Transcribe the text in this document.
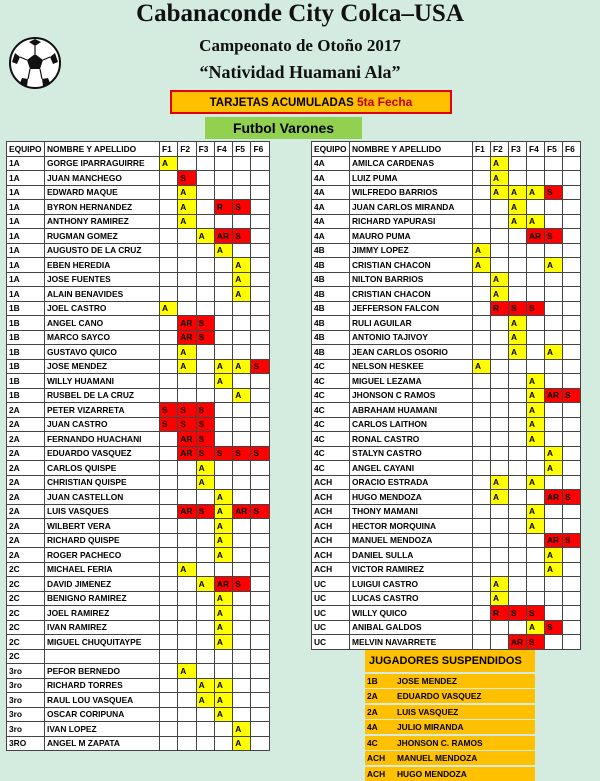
Cabanaconde City Colca–USA
Campeonato de Otoño 2017
“Natividad Huamani Ala”
TARJETAS ACUMULADAS 5ta Fecha
Futbol Varones
EQUIPO	NOMBRE Y APELLIDO	F1	F2	F3	F4	F5	F6
1A	GORGE IPARRAGUIRRE	A					
1A	JUAN MANCHEGO		S				
1A	EDWARD MAQUE		A				
1A	BYRON HERNANDEZ		A		R	S	
1A	ANTHONY RAMIREZ		A				
1A	RUGMAN GOMEZ			A	AR	S	
1A	AUGUSTO DE LA CRUZ				A		
1A	EBEN HEREDIA					A	
1A	JOSE FUENTES					A	
1A	ALAIN BENAVIDES					A	
1B	JOEL CASTRO	A					
1B	ANGEL CANO		AR	S			
1B	MARCO SAYCO		AR	S			
1B	GUSTAVO QUICO		A				
1B	JOSE MENDEZ		A		A	A	S
1B	WILLY HUAMANI				A		
1B	RUSBEL DE LA CRUZ					A	
2A	PETER VIZARRETA	S	S	S			
2A	JUAN CASTRO	S	S	S			
2A	FERNANDO HUACHANI		AR	S			
2A	EDUARDO VASQUEZ		AR	S	S	S	S
2A	CARLOS QUISPE			A			
2A	CHRISTIAN QUISPE			A			
2A	JUAN CASTELLON				A		
2A	LUIS VASQUES		AR	S	A	AR	S
2A	WILBERT VERA				A		
2A	RICHARD QUISPE				A		
2A	ROGER PACHECO				A		
2C	MICHAEL FERIA		A				
2C	DAVID JIMENEZ			A	AR	S	
2C	BENIGNO RAMIREZ				A		
2C	JOEL RAMIREZ				A		
2C	IVAN RAMIREZ				A		
2C	MIGUEL CHUQUITAYPE				A		
2C							
3ro	PEFOR BERNEDO		A				
3ro	RICHARD TORRES			A	A		
3ro	RAUL LOU VASQUEA			A	A		
3ro	OSCAR CORIPUNA				A		
3ro	IVAN LOPEZ					A	
3RO	ANGEL M ZAPATA					A	
EQUIPO	NOMBRE Y APELLIDO	F1	F2	F3	F4	F5	F6
4A	AMILCA CARDENAS		A				
4A	LUIZ PUMA		A				
4A	WILFREDO BARRIOS		A	A	A	S	
4A	JUAN CARLOS MIRANDA			A			
4A	RICHARD YAPURASI			A	A		
4A	MAURO PUMA				AR	S	
4B	JIMMY LOPEZ	A					
4B	CRISTIAN CHACON	A				A	
4B	NILTON BARRIOS		A				
4B	CRISTIAN CHACON		A				
4B	JEFFERSON FALCON		R	S	S		
4B	RULI AGUILAR			A			
4B	ANTONIO TAJIVOY			A			
4B	JEAN CARLOS OSORIO			A		A	
4C	NELSON HESKEE	A					
4C	MIGUEL LEZAMA				A		
4C	JHONSON C RAMOS				A	AR	S
4C	ABRAHAM HUAMANI				A		
4C	CARLOS LAITHON				A		
4C	RONAL CASTRO				A		
4C	STALYN CASTRO					A	
4C	ANGEL CAYANI					A	
ACH	ORACIO ESTRADA		A		A		
ACH	HUGO MENDOZA		A			AR	S
ACH	THONY MAMANI				A		
ACH	HECTOR MORQUINA				A		
ACH	MANUEL MENDOZA					AR	S
ACH	DANIEL SULLA					A	
ACH	VICTOR RAMIREZ					A	
UC	LUIGUI CASTRO		A				
UC	LUCAS CASTRO		A				
UC	WILLY QUICO		R	S	S		
UC	ANIBAL GALDOS				A	S	
UC	MELVIN NAVARRETE			AR	S		
JUGADORES SUSPENDIDOS
1B	JOSE MENDEZ
2A	EDUARDO VASQUEZ
2A	LUIS VASQUEZ
4A	JULIO MIRANDA
4C	JHONSON C. RAMOS
ACH	MANUEL MENDOZA
ACH	HUGO MENDOZA
